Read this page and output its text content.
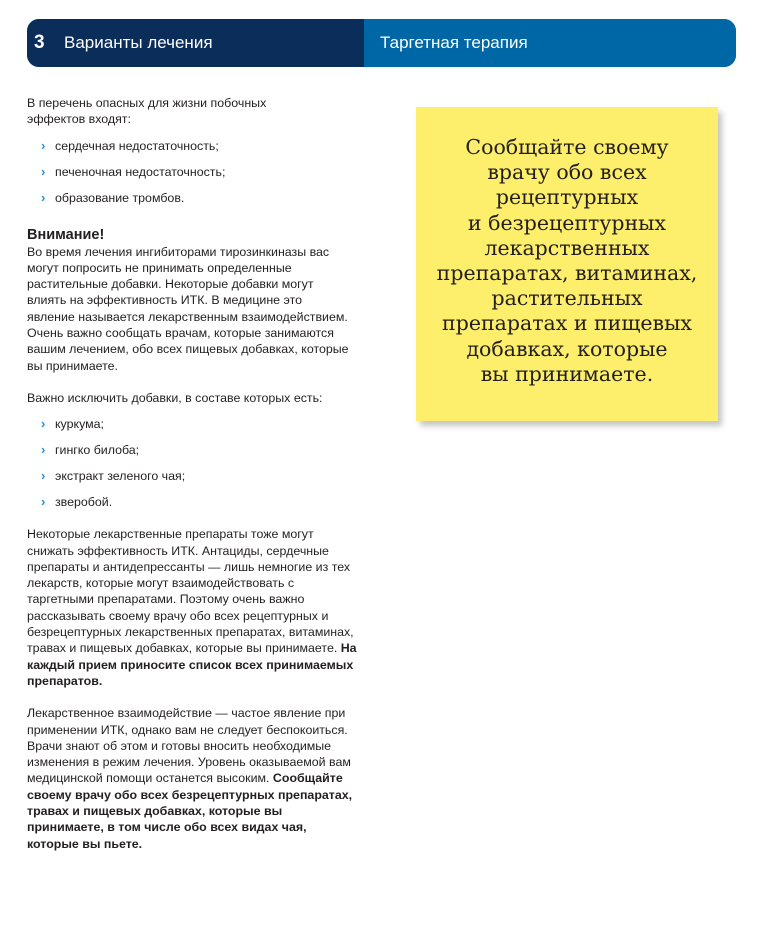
3	Варианты лечения	Таргетная терапия

В перечень опасных для жизни побочных эффектов входят:

› сердечная недостаточность;
› печеночная недостаточность;
› образование тромбов.
Внимание!

Во время лечения ингибиторами тирозинкиназы вас могут попросить не принимать определенные растительные добавки. Некоторые добавки могут влиять на эффективность ИТК. В медицине это явление называется лекарственным взаимодействием. Очень важно сообщать врачам, которые занимаются вашим лечением, обо всех пищевых добавках, которые вы принимаете.

Важно исключить добавки, в составе которых есть:

› куркума;
› гингко билоба;
› экстракт зеленого чая;
› зверобой.

Некоторые лекарственные препараты тоже могут снижать эффективность ИТК. Антациды, сердечные препараты и антидепрессанты — лишь немногие из тех лекарств, которые могут взаимодействовать с таргетными препаратами. Поэтому очень важно рассказывать своему врачу обо всех рецептурных и безрецептурных лекарственных препаратах, витаминах, травах и пищевых добавках, которые вы принимаете. На каждый прием приносите список всех принимаемых препаратов.

Лекарственное взаимодействие — частое явление при применении ИТК, однако вам не следует беспокоиться. Врачи знают об этом и готовы вносить необходимые изменения в режим лечения. Уровень оказываемой вам медицинской помощи останется высоким. Сообщайте своему врачу обо всех безрецептурных препаратах, травах и пищевых добавках, которые вы принимаете, в том числе обо всех видах чая, которые вы пьете.

Сообщайте своему
врачу обо всех
рецептурных
и безрецептурных
лекарственных
препаратах, витаминах,
растительных
препаратах и пищевых
добавках, которые
вы принимаете.
